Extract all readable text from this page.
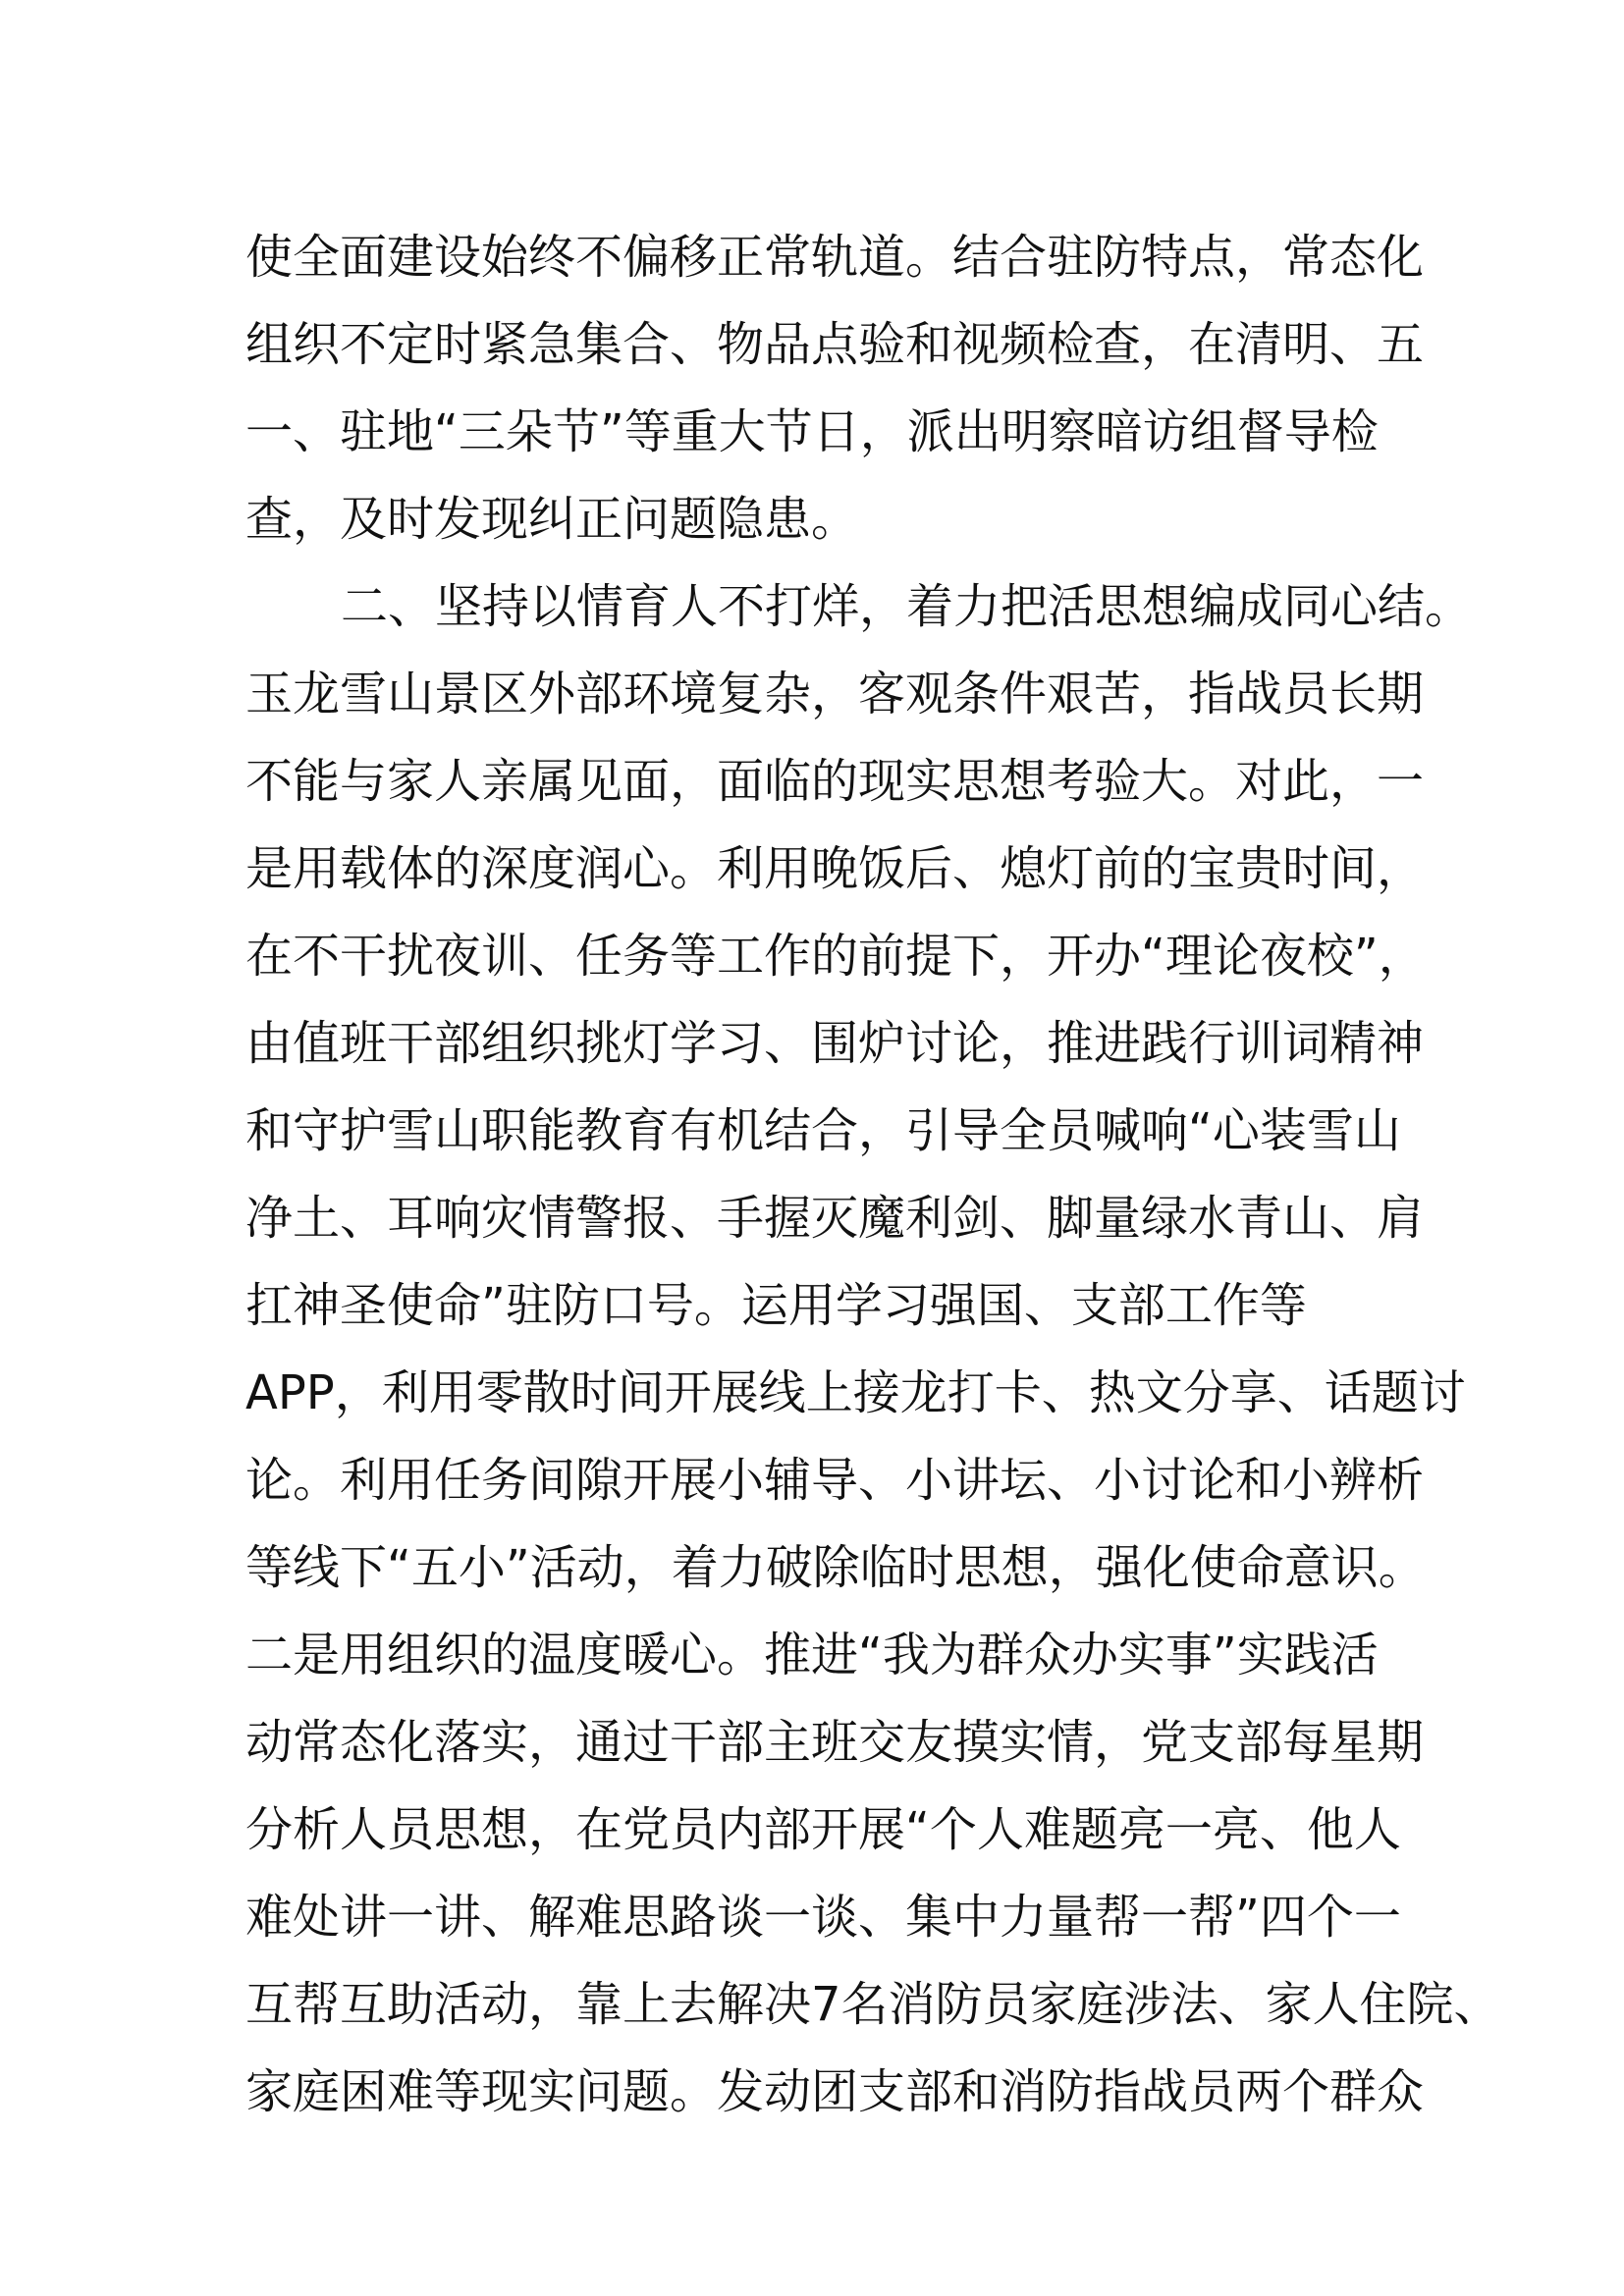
使全面建设始终不偏移正常轨道。结合驻防特点，常态化
组织不定时紧急集合、物品点验和视频检查，在清明、五
一、驻地“三朵节”等重大节日，派出明察暗访组督导检
查，及时发现纠正问题隐患。
二、坚持以情育人不打烊，着力把活思想编成同心结。
玉龙雪山景区外部环境复杂，客观条件艰苦，指战员长期
不能与家人亲属见面，面临的现实思想考验大。对此，一
是用载体的深度润心。利用晚饭后、熄灯前的宝贵时间，
在不干扰夜训、任务等工作的前提下，开办“理论夜校”，
由值班干部组织挑灯学习、围炉讨论，推进践行训词精神
和守护雪山职能教育有机结合，引导全员喊响“心装雪山
净土、耳响灾情警报、手握灭魔利剑、脚量绿水青山、肩
扛神圣使命”驻防口号。运用学习强国、支部工作等
APP，利用零散时间开展线上接龙打卡、热文分享、话题讨
论。利用任务间隙开展小辅导、小讲坛、小讨论和小辨析
等线下“五小”活动，着力破除临时思想，强化使命意识。
二是用组织的温度暖心。推进“我为群众办实事”实践活
动常态化落实，通过干部主班交友摸实情，党支部每星期
分析人员思想，在党员内部开展“个人难题亮一亮、他人
难处讲一讲、解难思路谈一谈、集中力量帮一帮”四个一
互帮互助活动，靠上去解决7名消防员家庭涉法、家人住院、
家庭困难等现实问题。发动团支部和消防指战员两个群众
